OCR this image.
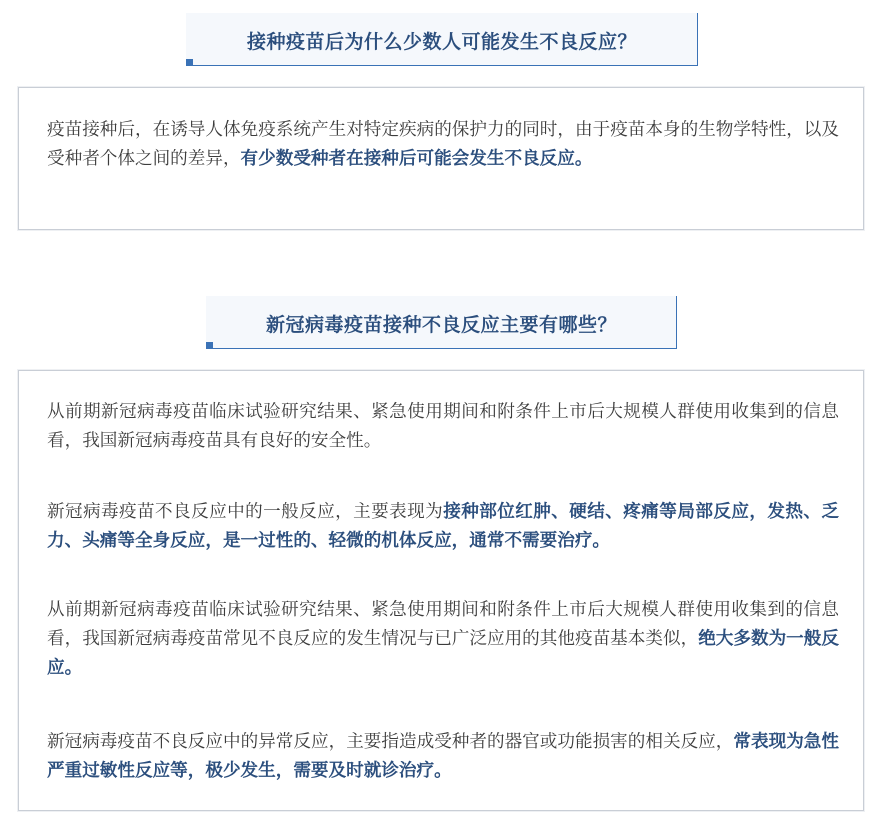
接种疫苗后为什么少数人可能发生不良反应？

疫苗接种后，在诱导人体免疫系统产生对特定疾病的保护力的同时，由于疫苗本身的生物学特性，以及受种者个体之间的差异，有少数受种者在接种后可能会发生不良反应。

新冠病毒疫苗接种不良反应主要有哪些？

从前期新冠病毒疫苗临床试验研究结果、紧急使用期间和附条件上市后大规模人群使用收集到的信息看，我国新冠病毒疫苗具有良好的安全性。

新冠病毒疫苗不良反应中的一般反应，主要表现为接种部位红肿、硬结、疼痛等局部反应，发热、乏力、头痛等全身反应，是一过性的、轻微的机体反应，通常不需要治疗。

从前期新冠病毒疫苗临床试验研究结果、紧急使用期间和附条件上市后大规模人群使用收集到的信息看，我国新冠病毒疫苗常见不良反应的发生情况与已广泛应用的其他疫苗基本类似，绝大多数为一般反应。

新冠病毒疫苗不良反应中的异常反应，主要指造成受种者的器官或功能损害的相关反应，常表现为急性严重过敏性反应等，极少发生，需要及时就诊治疗。
